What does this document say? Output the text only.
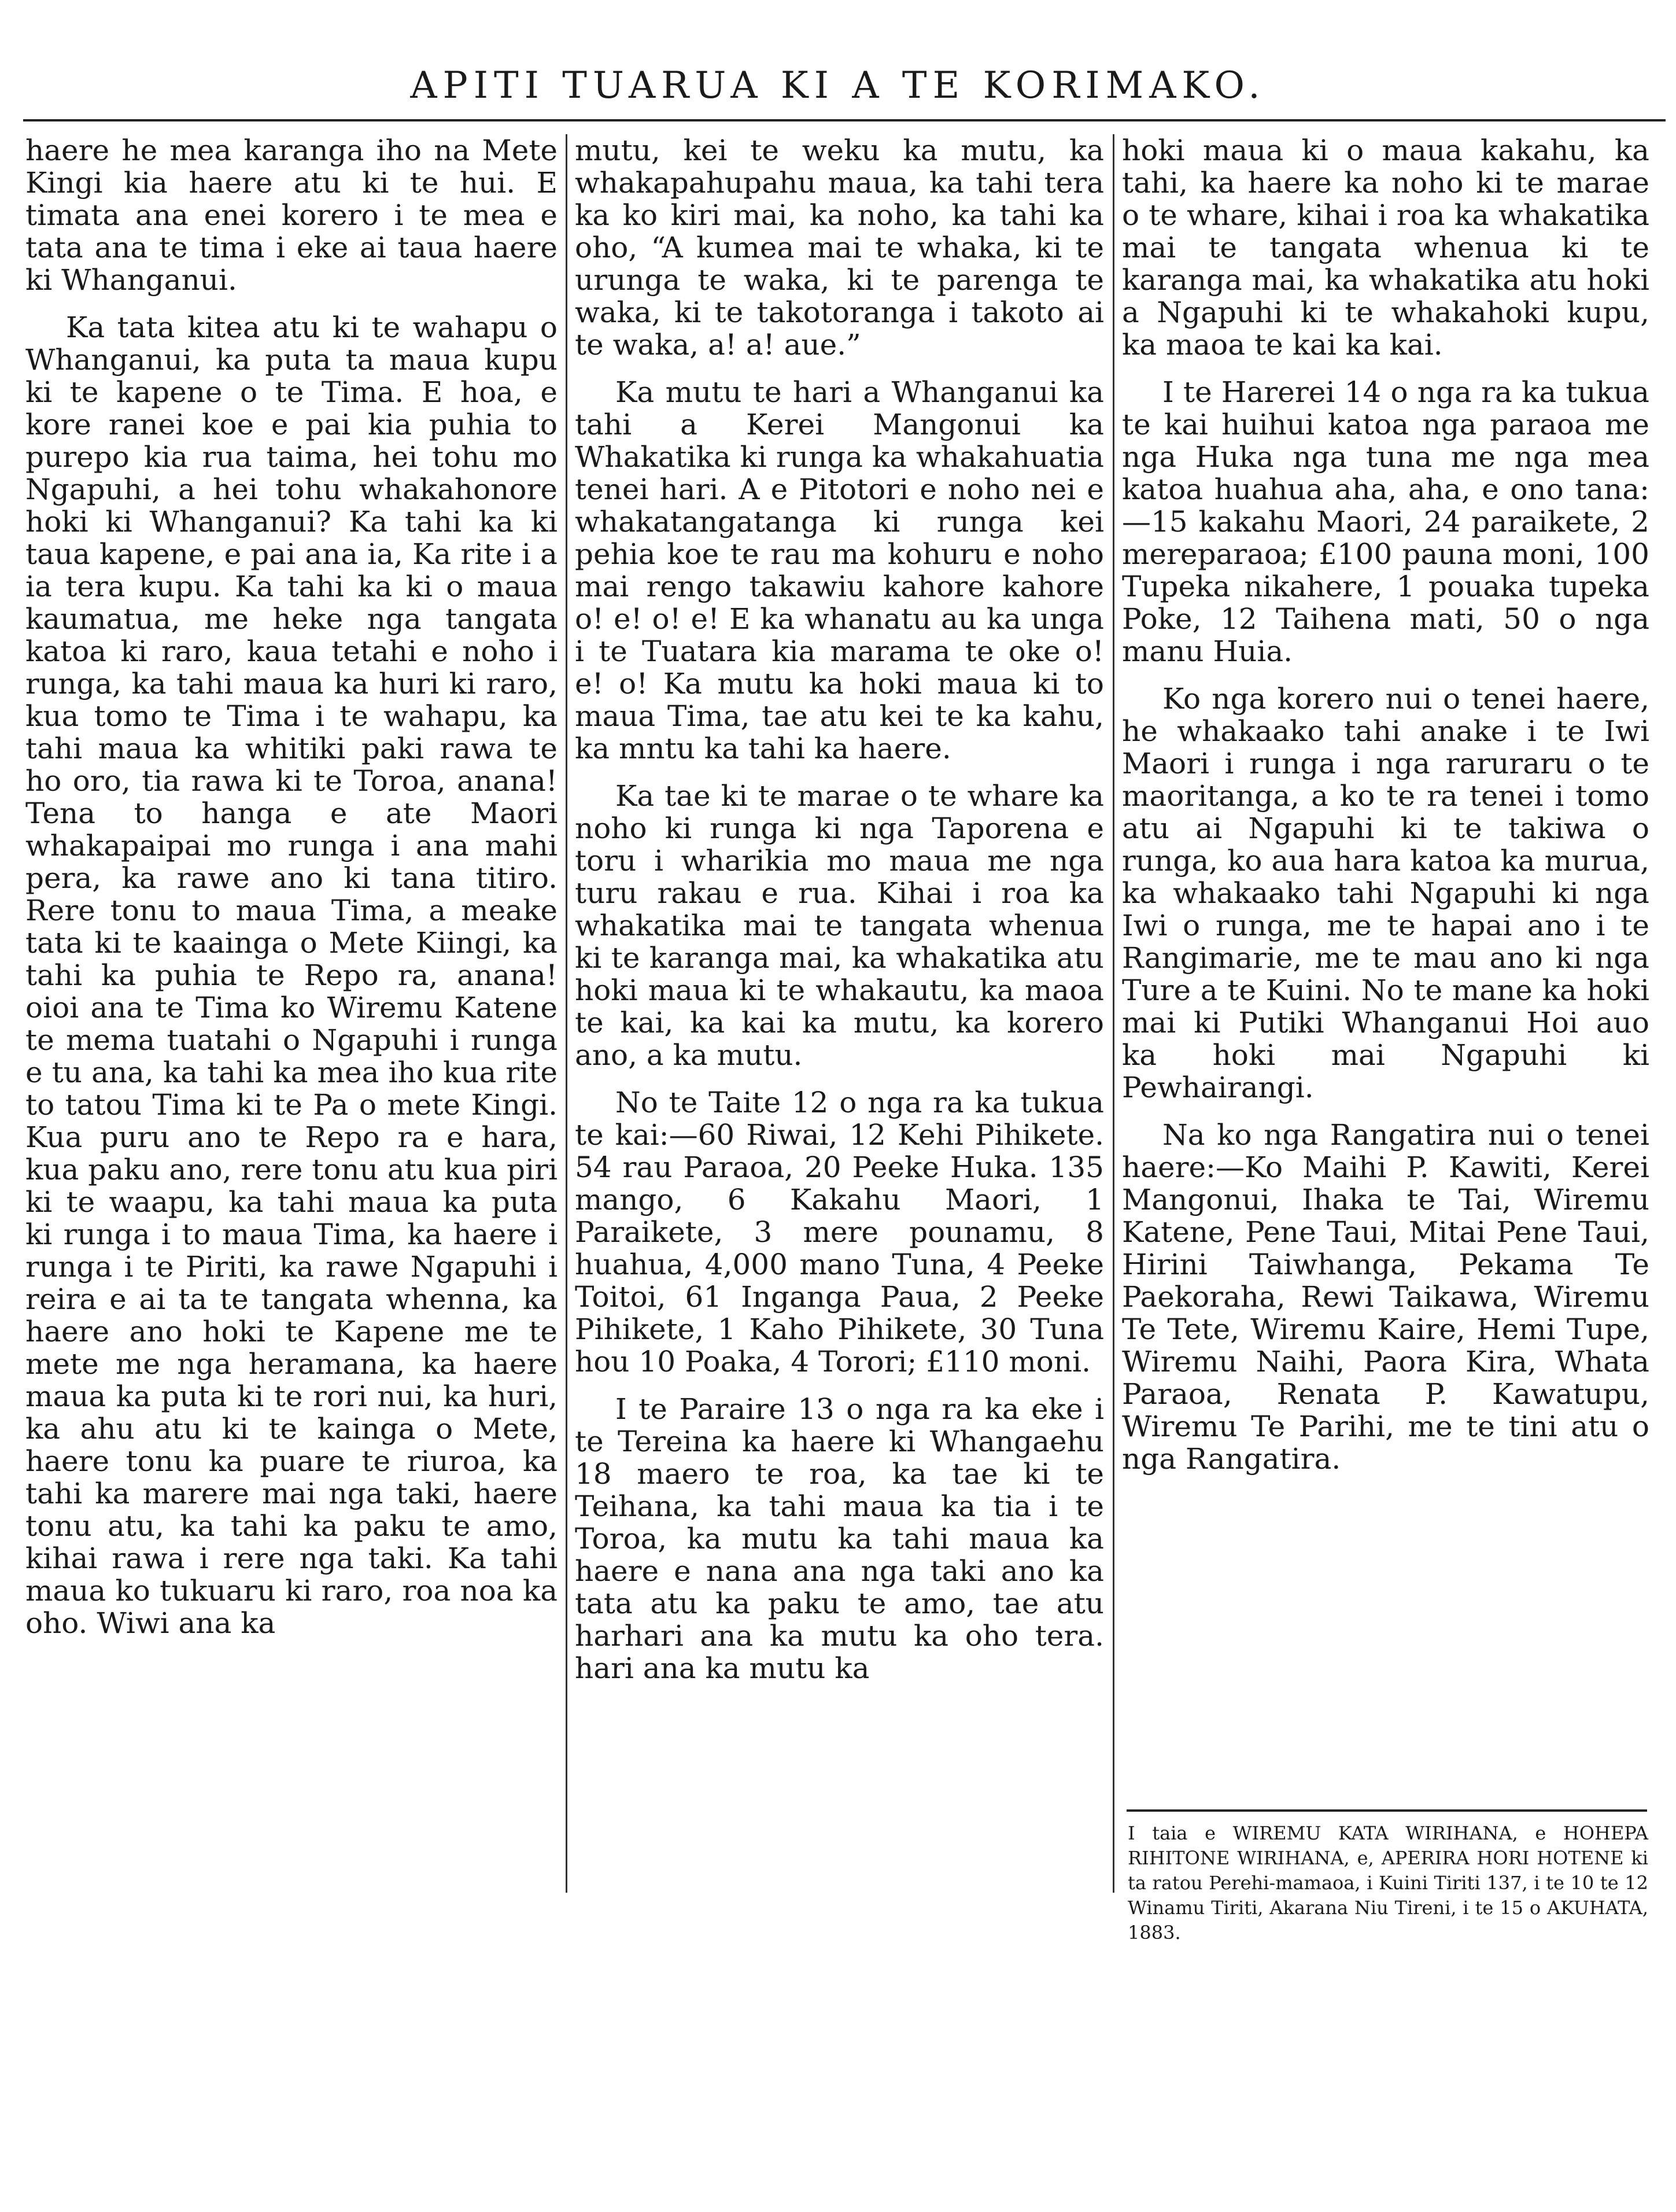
APITI TUARUA KI A TE KORIMAKO.

haere he mea karanga iho na Mete Kingi kia haere atu ki te hui. E timata ana enei korero i te mea e tata ana te tima i eke ai taua haere ki Whanganui.

Ka tata kitea atu ki te wahapu o Whanganui, ka puta ta maua kupu ki te kapene o te Tima. E hoa, e kore ranei koe e pai kia puhia to purepo kia rua taima, hei tohu mo Ngapuhi, a hei tohu whakahonore hoki ki Whanganui? Ka tahi ka ki taua kapene, e pai ana ia, Ka rite i a ia tera kupu. Ka tahi ka ki o maua kaumatua, me heke nga tangata katoa ki raro, kaua tetahi e noho i runga, ka tahi maua ka huri ki raro, kua tomo te Tima i te wahapu, ka tahi maua ka whitiki paki rawa te ho oro, tia rawa ki te Toroa, anana! Tena to hanga e ate Maori whakapaipai mo runga i ana mahi pera, ka rawe ano ki tana titiro. Rere tonu to maua Tima, a meake tata ki te kaainga o Mete Kiingi, ka tahi ka puhia te Repo ra, anana! oioi ana te Tima ko Wiremu Katene te mema tuatahi o Ngapuhi i runga e tu ana, ka tahi ka mea iho kua rite to tatou Tima ki te Pa o mete Kingi. Kua puru ano te Repo ra e hara, kua paku ano, rere tonu atu kua piri ki te waapu, ka tahi maua ka puta ki runga i to maua Tima, ka haere i runga i te Piriti, ka rawe Ngapuhi i reira e ai ta te tangata whenna, ka haere ano hoki te Kapene me te mete me nga heramana, ka haere maua ka puta ki te rori nui, ka huri, ka ahu atu ki te kainga o Mete, haere tonu ka puare te riuroa, ka tahi ka marere mai nga taki, haere tonu atu, ka tahi ka paku te amo, kihai rawa i rere nga taki. Ka tahi maua ko tukuaru ki raro, roa noa ka oho. Wiwi ana ka

mutu, kei te weku ka mutu, ka whakapahupahu maua, ka tahi tera ka ko kiri mai, ka noho, ka tahi ka oho, “A kumea mai te whaka, ki te urunga te waka, ki te parenga te waka, ki te takotoranga i takoto ai te waka, a! a! aue.”

Ka mutu te hari a Whanganui ka tahi a Kerei Mangonui ka Whakatika ki runga ka whakahuatia tenei hari. A e Pitotori e noho nei e whakatangatanga ki runga kei pehia koe te rau ma kohuru e noho mai rengo takawiu kahore kahore o! e! o! e! E ka whanatu au ka unga i te Tuatara kia marama te oke o! e! o! Ka mutu ka hoki maua ki to maua Tima, tae atu kei te ka kahu, ka mntu ka tahi ka haere.

Ka tae ki te marae o te whare ka noho ki runga ki nga Taporena e toru i wharikia mo maua me nga turu rakau e rua. Kihai i roa ka whakatika mai te tangata whenua ki te karanga mai, ka whakatika atu hoki maua ki te whakautu, ka maoa te kai, ka kai ka mutu, ka korero ano, a ka mutu.

No te Taite 12 o nga ra ka tukua te kai:—60 Riwai, 12 Kehi Pihikete. 54 rau Paraoa, 20 Peeke Huka. 135 mango, 6 Kakahu Maori, 1 Paraikete, 3 mere pounamu, 8 huahua, 4,000 mano Tuna, 4 Peeke Toitoi, 61 Inganga Paua, 2 Peeke Pihikete, 1 Kaho Pihikete, 30 Tuna hou 10 Poaka, 4 Torori; £110 moni.

I te Paraire 13 o nga ra ka eke i te Tereina ka haere ki Whangaehu 18 maero te roa, ka tae ki te Teihana, ka tahi maua ka tia i te Toroa, ka mutu ka tahi maua ka haere e nana ana nga taki ano ka tata atu ka paku te amo, tae atu harhari ana ka mutu ka oho tera. hari ana ka mutu ka

hoki maua ki o maua kakahu, ka tahi, ka haere ka noho ki te marae o te whare, kihai i roa ka whakatika mai te tangata whenua ki te karanga mai, ka whakatika atu hoki a Ngapuhi ki te whakahoki kupu, ka maoa te kai ka kai.

I te Harerei 14 o nga ra ka tukua te kai huihui katoa nga paraoa me nga Huka nga tuna me nga mea katoa huahua aha, aha, e ono tana:—15 kakahu Maori, 24 paraikete, 2 mereparaoa; £100 pauna moni, 100 Tupeka nikahere, 1 pouaka tupeka Poke, 12 Taihena mati, 50 o nga manu Huia.

Ko nga korero nui o tenei haere, he whakaako tahi anake i te Iwi Maori i runga i nga raruraru o te maoritanga, a ko te ra tenei i tomo atu ai Ngapuhi ki te takiwa o runga, ko aua hara katoa ka murua, ka whakaako tahi Ngapuhi ki nga Iwi o runga, me te hapai ano i te Rangimarie, me te mau ano ki nga Ture a te Kuini. No te mane ka hoki mai ki Putiki Whanganui Hoi auo ka hoki mai Ngapuhi ki Pewhairangi.

Na ko nga Rangatira nui o tenei haere:—Ko Maihi P. Kawiti, Kerei Mangonui, Ihaka te Tai, Wiremu Katene, Pene Taui, Mitai Pene Taui, Hirini Taiwhanga, Pekama Te Paekoraha, Rewi Taikawa, Wiremu Te Tete, Wiremu Kaire, Hemi Tupe, Wiremu Naihi, Paora Kira, Whata Paraoa, Renata P. Kawatupu, Wiremu Te Parihi, me te tini atu o nga Rangatira.

I taia e WIREMU KATA WIRIHANA, e HOHEPA RIHITONE WIRIHANA, e, APERIRA HORI HOTENE ki ta ratou Perehi-mamaoa, i Kuini Tiriti 137, i te 10 te 12 Winamu Tiriti, Akarana Niu Tireni, i te 15 o AKUHATA, 1883.
